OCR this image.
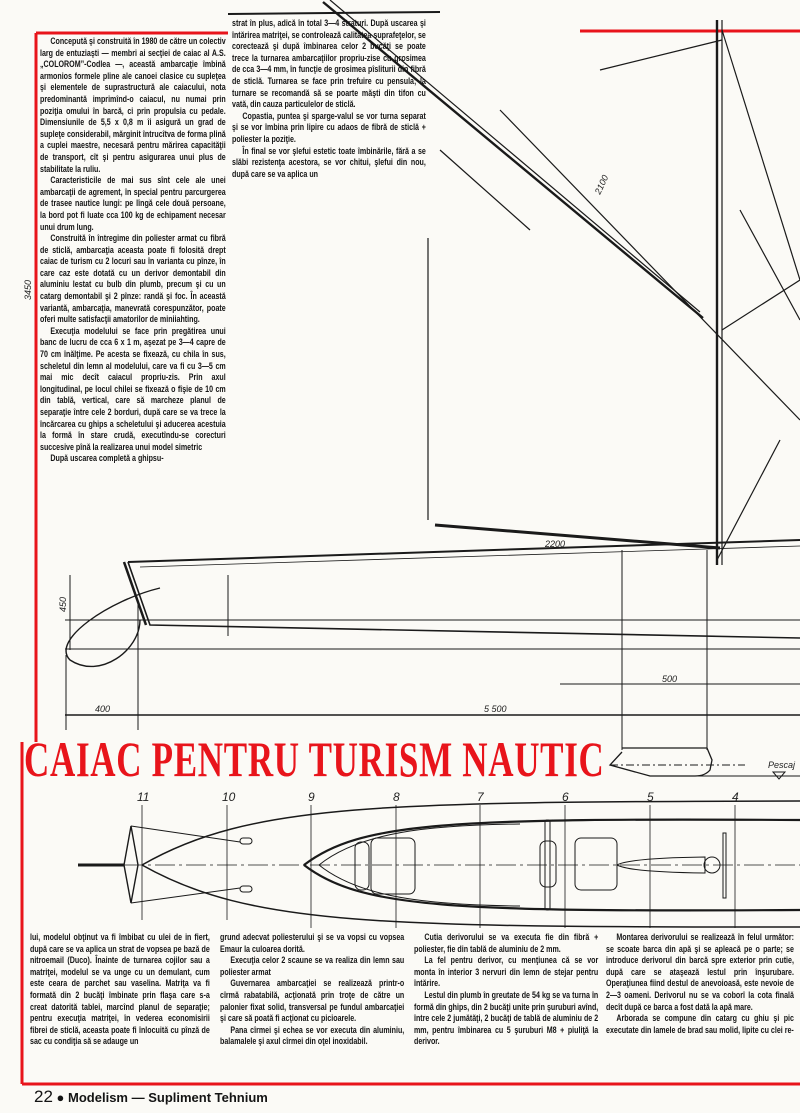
3450
2100
2200
450
400	5 500
500
Pescaj
11	10	9	8	7	6	5	4

Concepută şi construită în 1980 de către un colectiv larg de entuziaşti — membri ai secţiei de caiac al A.S. „COLOROM”-Codlea —, această ambarcaţie îmbină armonios formele pline ale canoei clasice cu supleţea şi elementele de suprastructură ale caiacului, nota predominantă imprimînd-o caiacul, nu numai prin poziţia omului în barcă, ci prin propulsia cu pedale. Dimensiunile de 5,5 x 0,8 m îi asigură un grad de supleţe considerabil, mărginit întrucîtva de forma plină a cuplei maestre, necesară pentru mărirea capacităţii de transport, cît şi pentru asigurarea unui plus de stabilitate la ruliu.

Caracteristicile de mai sus sînt cele ale unei ambarcaţii de agrement, în special pentru parcurgerea de trasee nautice lungi: pe lîngă cele două persoane, la bord pot fi luate cca 100 kg de echipament necesar unui drum lung.

Construită în întregime din poliester armat cu fibră de sticlă, ambarcaţia aceasta poate fi folosită drept caiac de turism cu 2 locuri sau în varianta cu pînze, în care caz este dotată cu un derivor demontabil din aluminiu lestat cu bulb din plumb, precum şi cu un catarg demontabil şi 2 pînze: randă şi foc. În această variantă, ambarcaţia, manevrată corespunzător, poate oferi multe satisfacţii amatorilor de miniiahting.

Execuţia modelului se face prin pregătirea unui banc de lucru de cca 6 x 1 m, aşezat pe 3—4 capre de 70 cm înălţime. Pe acesta se fixează, cu chila în sus, scheletul din lemn al modelului, care va fi cu 3—5 cm mai mic decît caiacul propriu-zis. Prin axul longitudinal, pe locul chilei se fixează o fîşie de 10 cm din tablă, vertical, care să marcheze planul de separaţie între cele 2 borduri, după care se va trece la încărcarea cu ghips a scheletului şi aducerea acestuia la formă în stare crudă, executîndu-se corecturi succesive pînă la realizarea unui model simetric

După uscarea completă a ghipsu-

strat în plus, adică în total 3—4 straturi. După uscarea şi întărirea matriţei, se controlează calitatea suprafeţelor, se corectează şi după îmbinarea celor 2 bucăţi se poate trece la turnarea ambarcaţiilor propriu-zise cu grosimea de cca 3—4 mm, în funcţie de grosimea pîsliturii din fibră de sticlă. Turnarea se face prin trefuire cu pensula; la turnare se recomandă să se poarte măşti din tifon cu vată, din cauza particulelor de sticlă.

Copastia, puntea şi sparge-valul se vor turna separat şi se vor îmbina prin lipire cu adaos de fibră de sticlă + poliester la poziţie.

În final se vor şlefui estetic toate îmbinările, fără a se slăbi rezistenţa acestora, se vor chitui, şlefui din nou, după care se va aplica un

CAIAC PENTRU TURISM NAUTIC

lui, modelul obţinut va fi îmbibat cu ulei de in fiert, după care se va aplica un strat de vopsea pe bază de nitroemail (Duco). Înainte de turnarea cojilor sau a matriţei, modelul se va unge cu un demulant, cum este ceara de parchet sau vaselina. Matriţa va fi formată din 2 bucăţi îmbinate prin flaşa care s-a creat datorită tablei, marcînd planul de separaţie; pentru execuţia matriţei, în vederea economisirii fibrei de sticlă, aceasta poate fi înlocuită cu pînză de sac cu condiţia să se adauge un

grund adecvat poliesterului şi se va vopsi cu vopsea Emaur la culoarea dorită.

Execuţia celor 2 scaune se va realiza din lemn sau poliester armat

Guvernarea ambarcaţiei se realizează printr-o cîrmă rabatabilă, acţionată prin troţe de către un palonier fixat solid, transversal pe fundul ambarcaţiei şi care să poată fi acţionat cu picioarele.

Pana cîrmei şi echea se vor executa din aluminiu, balamalele şi axul cîrmei din oţel inoxidabil.

Cutia derivorului se va executa fie din fibră + poliester, fie din tablă de aluminiu de 2 mm.

La fel pentru derivor, cu menţiunea că se vor monta în interior 3 nervuri din lemn de stejar pentru întărire.

Lestul din plumb în greutate de 54 kg se va turna în formă din ghips, din 2 bucăţi unite prin şuruburi avînd, între cele 2 jumătăţi, 2 bucăţi de tablă de aluminiu de 2 mm, pentru îmbinarea cu 5 şuruburi M8 + piuliţă la derivor.

Montarea derivorului se realizează în felul următor: se scoate barca din apă şi se apleacă pe o parte; se introduce derivorul din barcă spre exterior prin cutie, după care se ataşează lestul prin înşurubare. Operaţiunea fiind destul de anevoioasă, este nevoie de 2—3 oameni. Derivorul nu se va coborî la cota finală decît după ce barca a fost dată la apă mare.

Arborada se compune din catarg cu ghiu şi pic executate din lamele de brad sau molid, lipite cu clei re-

22 ● Modelism — Supliment Tehnium
